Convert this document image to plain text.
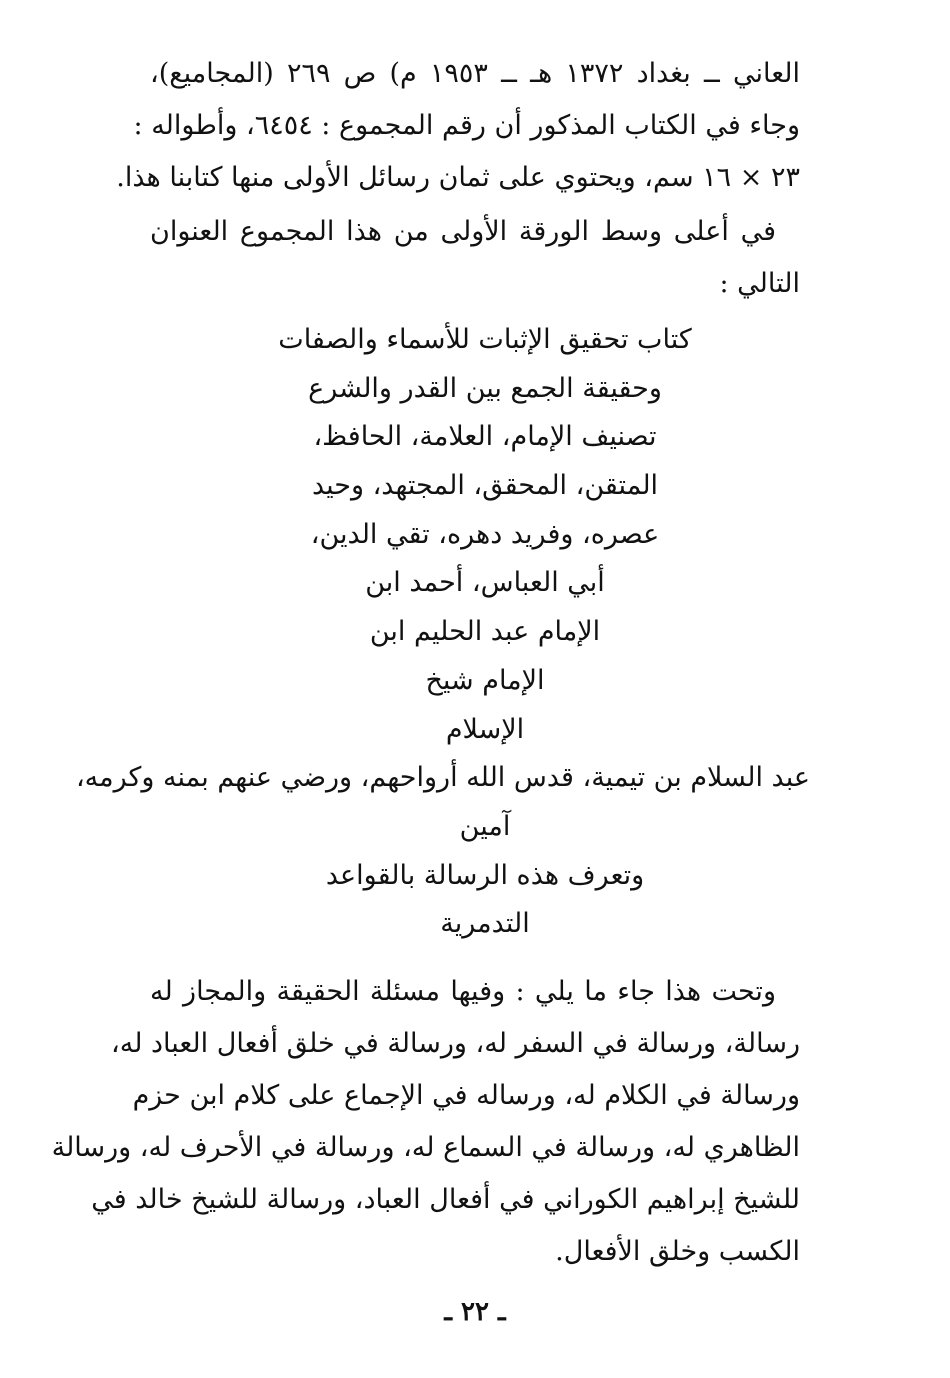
العاني ــ بغداد ١٣٧٢ هـ ــ ١٩٥٣ م) ص ٢٦٩ (المجاميع)،
وجاء في الكتاب المذكور أن رقم المجموع : ٦٤٥٤، وأطواله :
٢٣ × ١٦ سم، ويحتوي على ثمان رسائل الأولى منها كتابنا هذا.
في أعلى وسط الورقة الأولى من هذا المجموع العنوان
التالي :
كتاب تحقيق الإثبات للأسماء والصفات
وحقيقة الجمع بين القدر والشرع
تصنيف الإمام، العلامة، الحافظ،
المتقن، المحقق، المجتهد، وحيد
عصره، وفريد دهره، تقي الدين،
أبي العباس، أحمد ابن
الإمام عبد الحليم ابن
الإمام شيخ
الإسلام
عبد السلام بن تيمية، قدس الله أرواحهم، ورضي عنهم بمنه وكرمه،
آمين
وتعرف هذه الرسالة بالقواعد
التدمرية
وتحت هذا جاء ما يلي : وفيها مسئلة الحقيقة والمجاز له
رسالة، ورسالة في السفر له، ورسالة في خلق أفعال العباد له،
ورسالة في الكلام له، ورساله في الإجماع على كلام ابن حزم
الظاهري له، ورسالة في السماع له، ورسالة في الأحرف له، ورسالة
للشيخ إبراهيم الكوراني في أفعال العباد، ورسالة للشيخ خالد في
الكسب وخلق الأفعال.
ـ ٢٢ ـ
